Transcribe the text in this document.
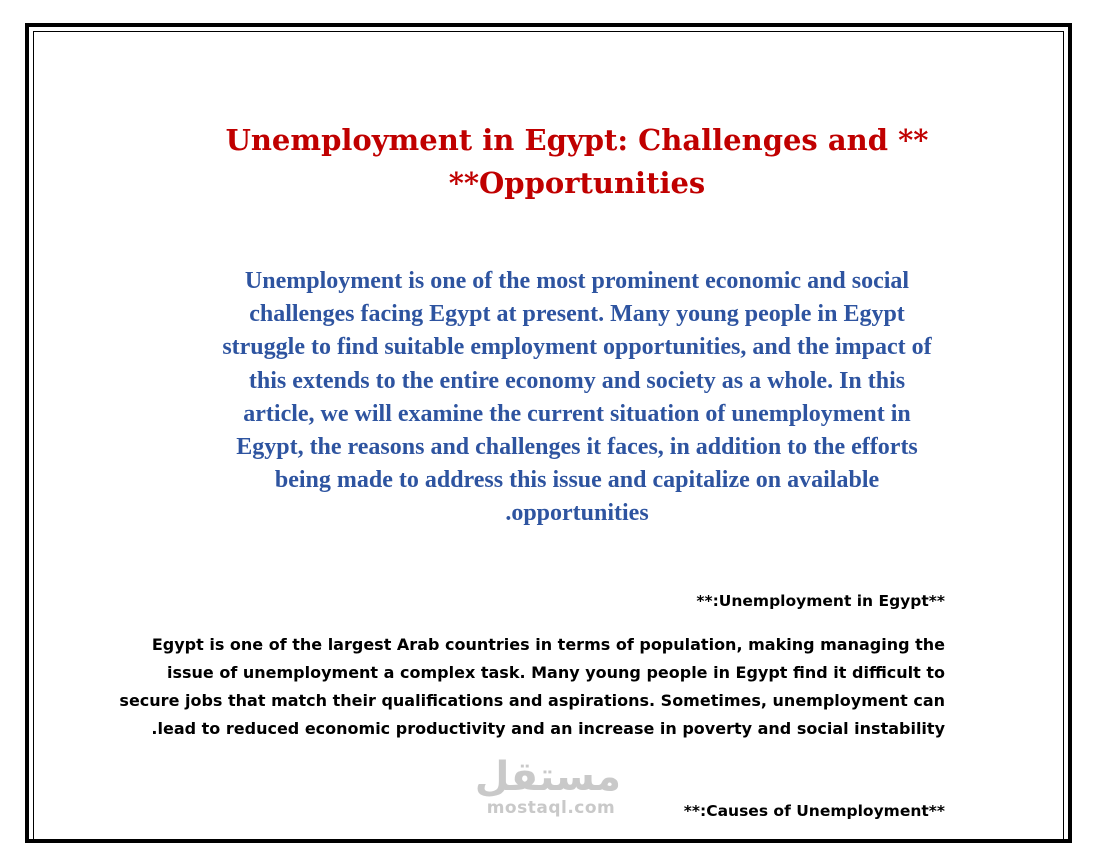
Unemployment in Egypt: Challenges and **
**Opportunities

Unemployment is one of the most prominent economic and social
challenges facing Egypt at present. Many young people in Egypt
struggle to find suitable employment opportunities, and the impact of
this extends to the entire economy and society as a whole. In this
article, we will examine the current situation of unemployment in
Egypt, the reasons and challenges it faces, in addition to the efforts
being made to address this issue and capitalize on available
.opportunities

**:Unemployment in Egypt**

Egypt is one of the largest Arab countries in terms of population, making managing the
issue of unemployment a complex task. Many young people in Egypt find it difficult to
secure jobs that match their qualifications and aspirations. Sometimes, unemployment can
.lead to reduced economic productivity and an increase in poverty and social instability

**:Causes of Unemployment**
مستقل
mostaql.com
